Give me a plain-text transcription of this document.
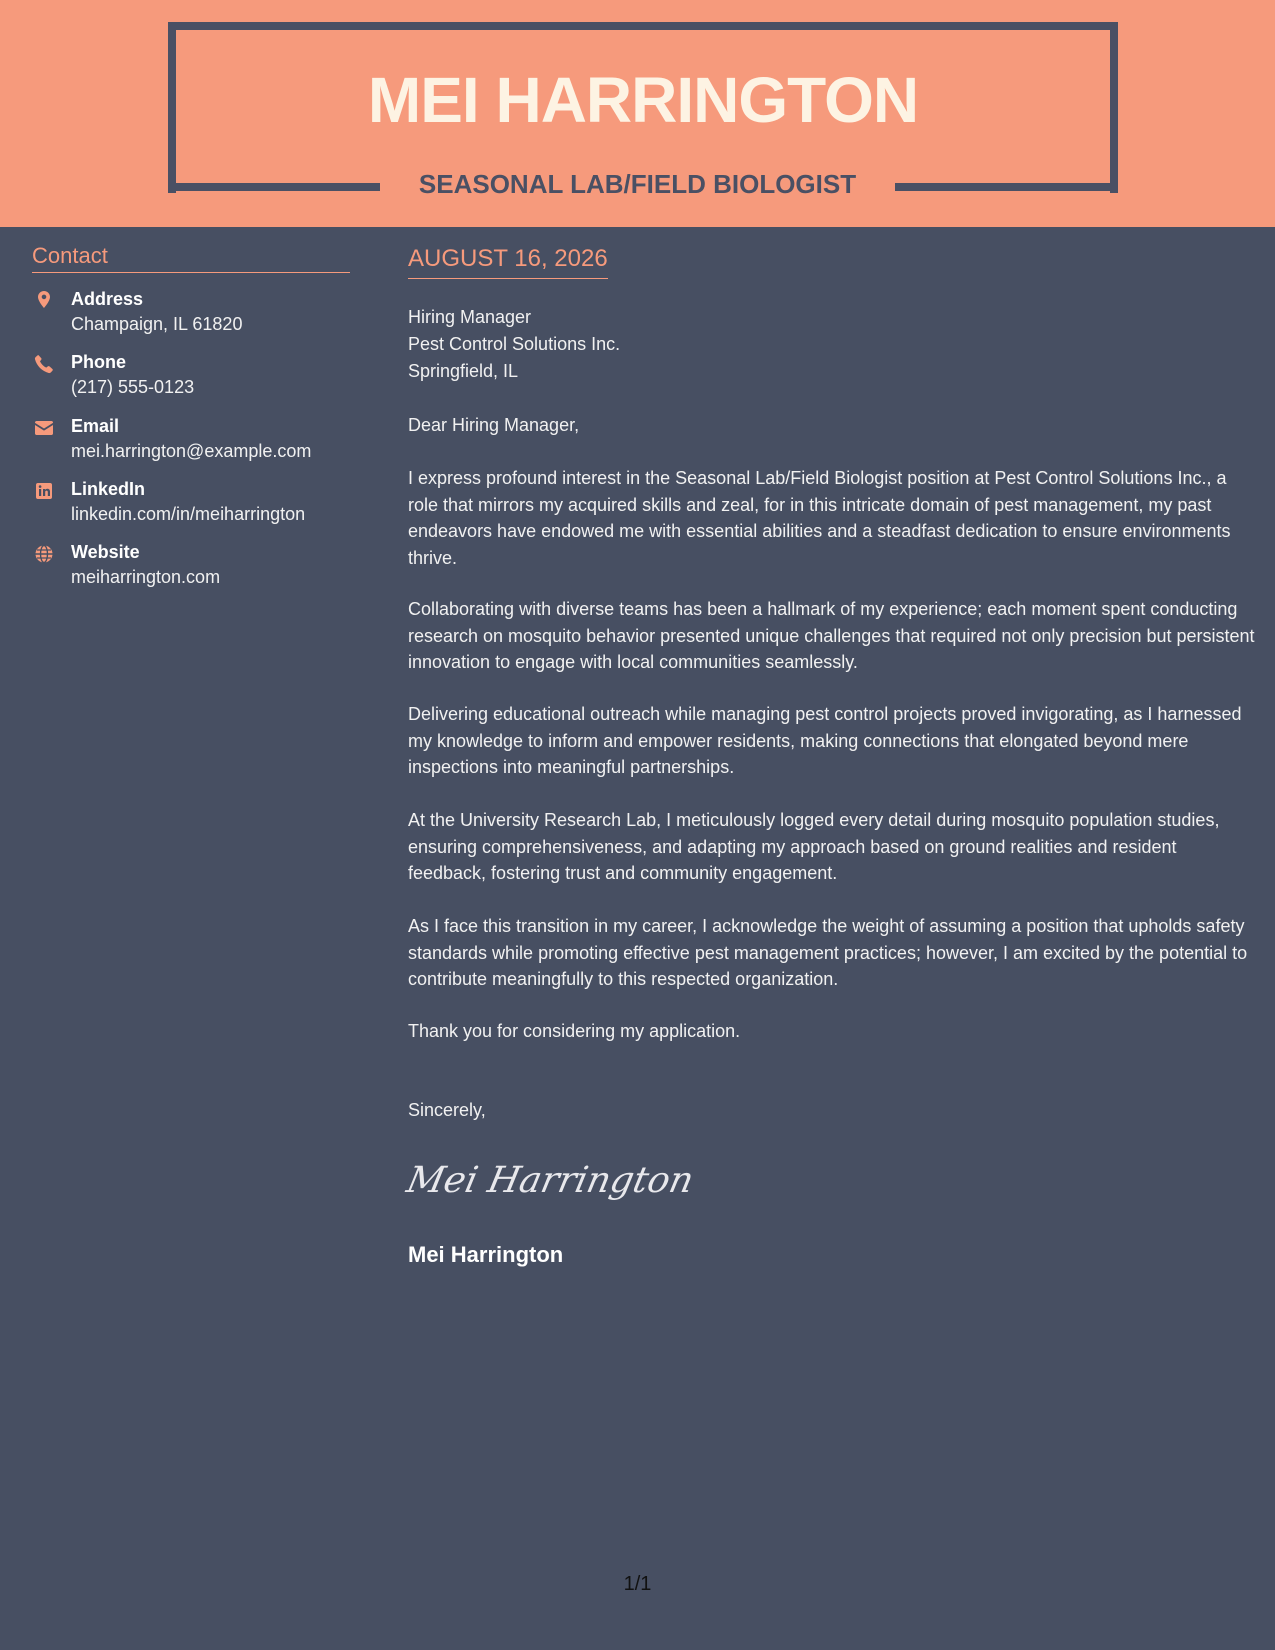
MEI HARRINGTON
SEASONAL LAB/FIELD BIOLOGIST
Contact
Address
Champaign, IL 61820
Phone
(217) 555-0123
Email
mei.harrington@example.com
LinkedIn
linkedin.com/in/meiharrington
Website
meiharrington.com
AUGUST 16, 2026
Hiring Manager
Pest Control Solutions Inc.
Springfield, IL

Dear Hiring Manager,

I express profound interest in the Seasonal Lab/Field Biologist position at Pest Control Solutions Inc., a role that mirrors my acquired skills and zeal, for in this intricate domain of pest management, my past endeavors have endowed me with essential abilities and a steadfast dedication to ensure environments thrive.

Collaborating with diverse teams has been a hallmark of my experience; each moment spent conducting research on mosquito behavior presented unique challenges that required not only precision but persistent innovation to engage with local communities seamlessly.

Delivering educational outreach while managing pest control projects proved invigorating, as I harnessed my knowledge to inform and empower residents, making connections that elongated beyond mere inspections into meaningful partnerships.

At the University Research Lab, I meticulously logged every detail during mosquito population studies, ensuring comprehensiveness, and adapting my approach based on ground realities and resident feedback, fostering trust and community engagement.

As I face this transition in my career, I acknowledge the weight of assuming a position that upholds safety standards while promoting effective pest management practices; however, I am excited by the potential to contribute meaningfully to this respected organization.

Thank you for considering my application.

Sincerely,

Mei Harrington
Mei Harrington
1/1
